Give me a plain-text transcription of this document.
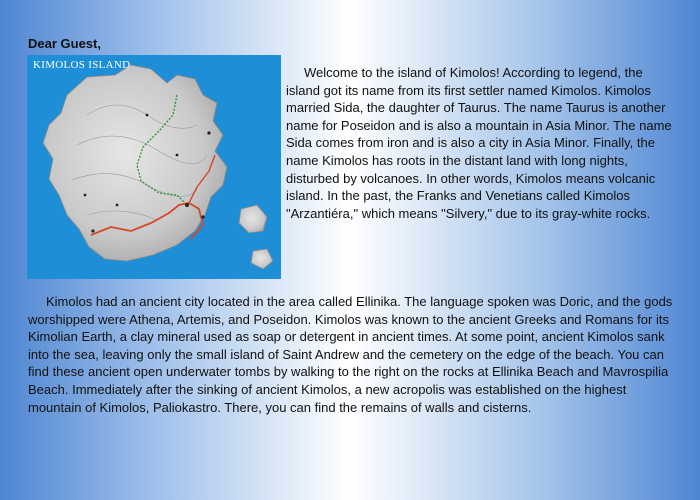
Dear Guest,
KIMOLOS ISLAND	Welcome to the island of Kimolos! According to legend, the island got its name from its first settler named Kimolos. Kimolos married Sida, the daughter of Taurus. The name Taurus is another name for Poseidon and is also a mountain in Asia Minor. The name Sida comes from iron and is also a city in Asia Minor. Finally, the name Kimolos has roots in the distant land with long nights, disturbed by volcanoes. In other words, Kimolos means volcanic island. In the past, the Franks and Venetians called Kimolos "Arzantiéra," which means "Silvery," due to its gray-white rocks.

Kimolos had an ancient city located in the area called Ellinika. The language spoken was Doric, and the gods worshipped were Athena, Artemis, and Poseidon. Kimolos was known to the ancient Greeks and Romans for its Kimolian Earth, a clay mineral used as soap or detergent in ancient times. At some point, ancient Kimolos sank into the sea, leaving only the small island of Saint Andrew and the cemetery on the edge of the beach. You can find these ancient open underwater tombs by walking to the right on the rocks at Ellinika Beach and Mavrospilia Beach. Immediately after the sinking of ancient Kimolos, a new acropolis was established on the highest mountain of Kimolos, Paliokastro. There, you can find the remains of walls and cisterns.
